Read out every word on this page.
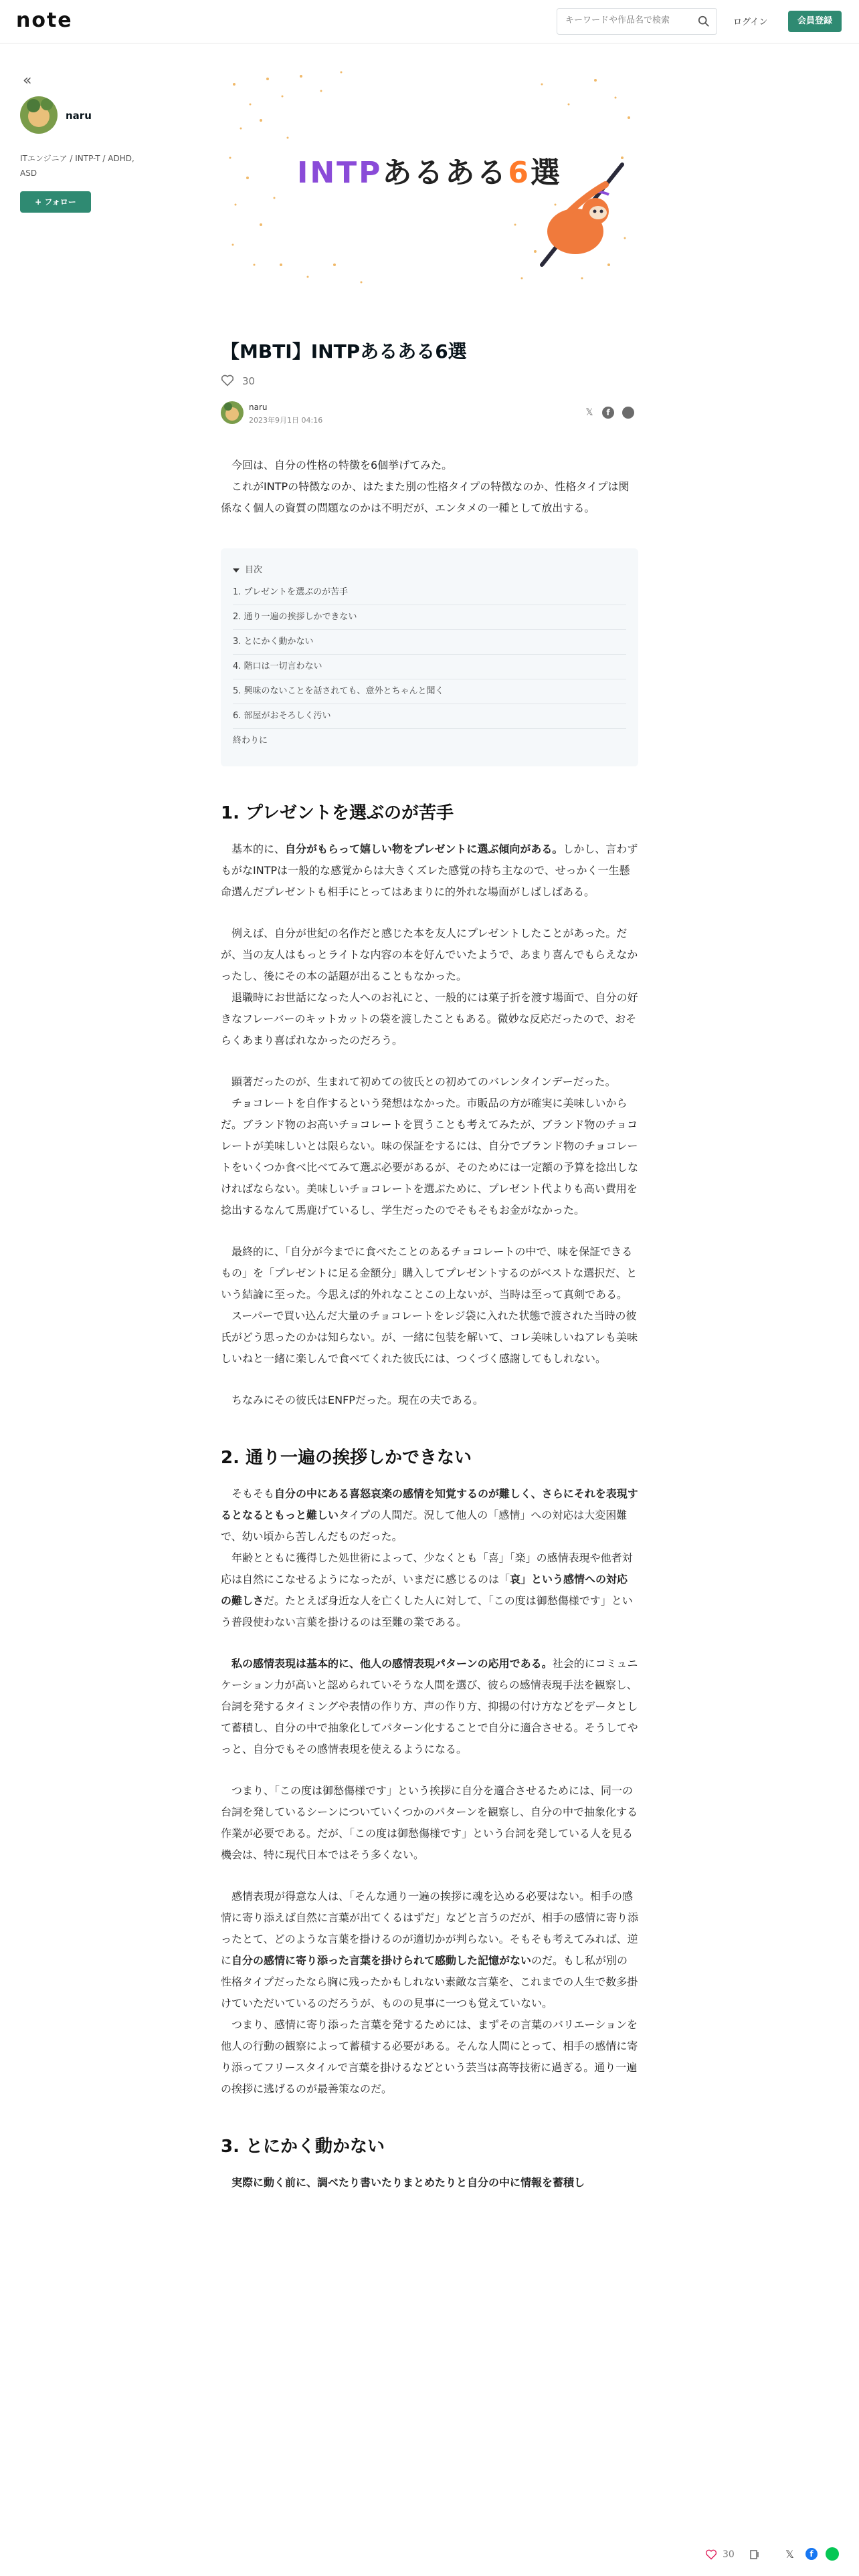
note
キーワードや作品名で検索	ログイン	会員登録
«
naru
ITエンジニア / INTP-T / ADHD, ASD
+ フォロー
INTPあるある6選
【MBTI】INTPあるある6選
30
naru
2023年9月1日 04:16
𝕏	f

今回は、自分の性格の特徴を6個挙げてみた。

これがINTPの特徴なのか、はたまた別の性格タイプの特徴なのか、性格タイプは関係なく個人の資質の問題なのかは不明だが、エンタメの一種として放出する。

目次
1. プレゼントを選ぶのが苦手
2. 通り一遍の挨拶しかできない
3. とにかく動かない
4. 階口は一切言わない
5. 興味のないことを話されても、意外とちゃんと聞く
6. 部屋がおそろしく汚い
終わりに
1. プレゼントを選ぶのが苦手

基本的に、自分がもらって嬉しい物をプレゼントに選ぶ傾向がある。しかし、言わずもがなINTPは一般的な感覚からは大きくズレた感覚の持ち主なので、せっかく一生懸命選んだプレゼントも相手にとってはあまりに的外れな場面がしばしばある。

例えば、自分が世紀の名作だと感じた本を友人にプレゼントしたことがあった。だが、当の友人はもっとライトな内容の本を好んでいたようで、あまり喜んでもらえなかったし、後にその本の話題が出ることもなかった。

退職時にお世話になった人へのお礼にと、一般的には菓子折を渡す場面で、自分の好きなフレーバーのキットカットの袋を渡したこともある。微妙な反応だったので、おそらくあまり喜ばれなかったのだろう。

顕著だったのが、生まれて初めての彼氏との初めてのバレンタインデーだった。

チョコレートを自作するという発想はなかった。市販品の方が確実に美味しいからだ。ブランド物のお高いチョコレートを買うことも考えてみたが、ブランド物のチョコレートが美味しいとは限らない。味の保証をするには、自分でブランド物のチョコレートをいくつか食べ比べてみて選ぶ必要があるが、そのためには一定額の予算を捻出しなければならない。美味しいチョコレートを選ぶために、プレゼント代よりも高い費用を捻出するなんて馬鹿げているし、学生だったのでそもそもお金がなかった。

最終的に、「自分が今までに食べたことのあるチョコレートの中で、味を保証できるもの」を「プレゼントに足る金額分」購入してプレゼントするのがベストな選択だ、という結論に至った。今思えば的外れなことこの上ないが、当時は至って真剣である。

スーパーで買い込んだ大量のチョコレートをレジ袋に入れた状態で渡された当時の彼氏がどう思ったのかは知らない。が、一緒に包装を解いて、コレ美味しいねアレも美味しいねと一緒に楽しんで食べてくれた彼氏には、つくづく感謝してもしれない。

ちなみにその彼氏はENFPだった。現在の夫である。

2. 通り一遍の挨拶しかできない

そもそも自分の中にある喜怒哀楽の感情を知覚するのが難しく、さらにそれを表現するとなるともっと難しいタイプの人間だ。況して他人の「感情」への対応は大変困難で、幼い頃から苦しんだものだった。

年齢とともに獲得した処世術によって、少なくとも「喜」「楽」の感情表現や他者対応は自然にこなせるようになったが、いまだに感じるのは「哀」という感情への対応の難しさだ。たとえば身近な人を亡くした人に対して、「この度は御愁傷様です」という普段使わない言葉を掛けるのは至難の業である。

私の感情表現は基本的に、他人の感情表現パターンの応用である。社会的にコミュニケーション力が高いと認められていそうな人間を選び、彼らの感情表現手法を観察し、台詞を発するタイミングや表情の作り方、声の作り方、抑揚の付け方などをデータとして蓄積し、自分の中で抽象化してパターン化することで自分に適合させる。そうしてやっと、自分でもその感情表現を使えるようになる。

つまり、「この度は御愁傷様です」という挨拶に自分を適合させるためには、同一の台詞を発しているシーンについていくつかのパターンを観察し、自分の中で抽象化する作業が必要である。だが、「この度は御愁傷様です」という台詞を発している人を見る機会は、特に現代日本ではそう多くない。

感情表現が得意な人は、「そんな通り一遍の挨拶に魂を込める必要はない。相手の感情に寄り添えば自然に言葉が出てくるはずだ」などと言うのだが、相手の感情に寄り添ったとて、どのような言葉を掛けるのが適切かが判らない。そもそも考えてみれば、逆に自分の感情に寄り添った言葉を掛けられて感動した記憶がないのだ。もし私が別の性格タイプだったなら胸に残ったかもしれない素敵な言葉を、これまでの人生で数多掛けていただいているのだろうが、ものの見事に一つも覚えていない。

つまり、感情に寄り添った言葉を発するためには、まずその言葉のバリエーションを他人の行動の観察によって蓄積する必要がある。そんな人間にとって、相手の感情に寄り添ってフリースタイルで言葉を掛けるなどという芸当は高等技術に過ぎる。通り一遍の挨拶に逃げるのが最善策なのだ。

3. とにかく動かない

実際に動く前に、調べたり書いたりまとめたりと自分の中に情報を蓄積し

30	𝕏	f
